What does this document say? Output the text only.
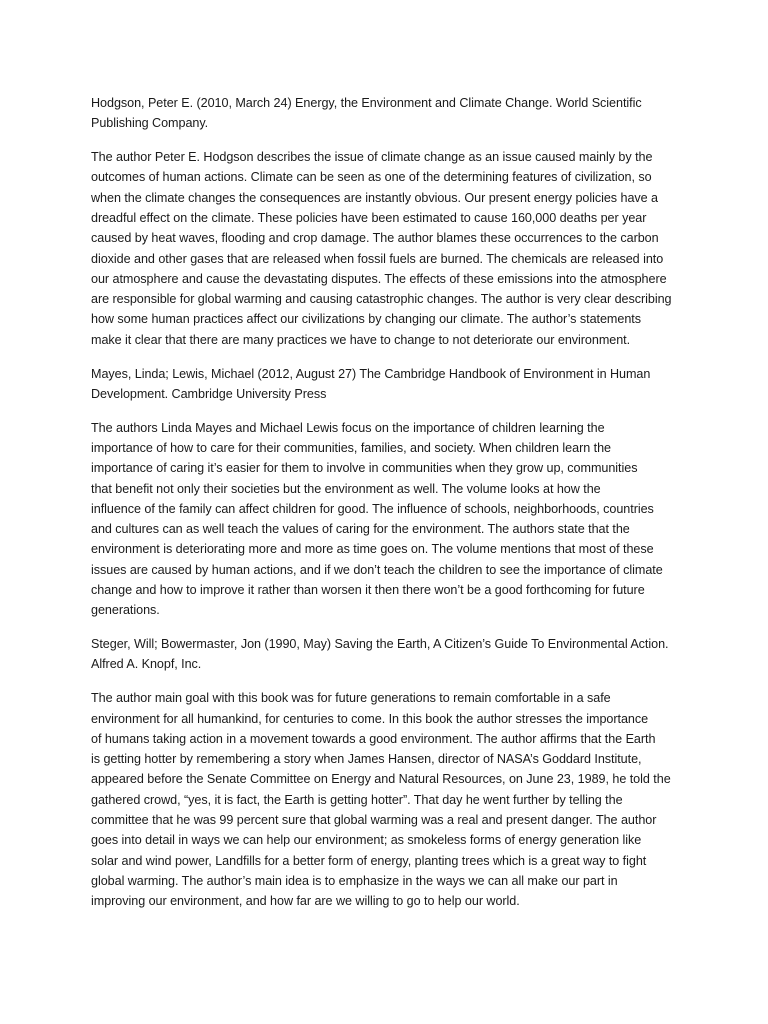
Hodgson, Peter E. (2010, March 24) Energy, the Environment and Climate Change. World Scientific
Publishing Company.

The author Peter E. Hodgson describes the issue of climate change as an issue caused mainly by the
outcomes of human actions. Climate can be seen as one of the determining features of civilization, so
when the climate changes the consequences are instantly obvious. Our present energy policies have a
dreadful effect on the climate. These policies have been estimated to cause 160,000 deaths per year
caused by heat waves, flooding and crop damage. The author blames these occurrences to the carbon
dioxide and other gases that are released when fossil fuels are burned. The chemicals are released into
our atmosphere and cause the devastating disputes. The effects of these emissions into the atmosphere
are responsible for global warming and causing catastrophic changes. The author is very clear describing
how some human practices affect our civilizations by changing our climate. The author’s statements
make it clear that there are many practices we have to change to not deteriorate our environment.

Mayes, Linda; Lewis, Michael (2012, August 27) The Cambridge Handbook of Environment in Human
Development. Cambridge University Press

The authors Linda Mayes and Michael Lewis focus on the importance of children learning the
importance of how to care for their communities, families, and society. When children learn the
importance of caring it’s easier for them to involve in communities when they grow up, communities
that benefit not only their societies but the environment as well. The volume looks at how the
influence of the family can affect children for good. The influence of schools, neighborhoods, countries
and cultures can as well teach the values of caring for the environment. The authors state that the
environment is deteriorating more and more as time goes on. The volume mentions that most of these
issues are caused by human actions, and if we don’t teach the children to see the importance of climate
change and how to improve it rather than worsen it then there won’t be a good forthcoming for future
generations.

Steger, Will; Bowermaster, Jon (1990, May) Saving the Earth, A Citizen’s Guide To Environmental Action.
Alfred A. Knopf, Inc.

The author main goal with this book was for future generations to remain comfortable in a safe
environment for all humankind, for centuries to come. In this book the author stresses the importance
of humans taking action in a movement towards a good environment. The author affirms that the Earth
is getting hotter by remembering a story when James Hansen, director of NASA’s Goddard Institute,
appeared before the Senate Committee on Energy and Natural Resources, on June 23, 1989, he told the
gathered crowd, “yes, it is fact, the Earth is getting hotter”. That day he went further by telling the
committee that he was 99 percent sure that global warming was a real and present danger. The author
goes into detail in ways we can help our environment; as smokeless forms of energy generation like
solar and wind power, Landfills for a better form of energy, planting trees which is a great way to fight
global warming. The author’s main idea is to emphasize in the ways we can all make our part in
improving our environment, and how far are we willing to go to help our world.
